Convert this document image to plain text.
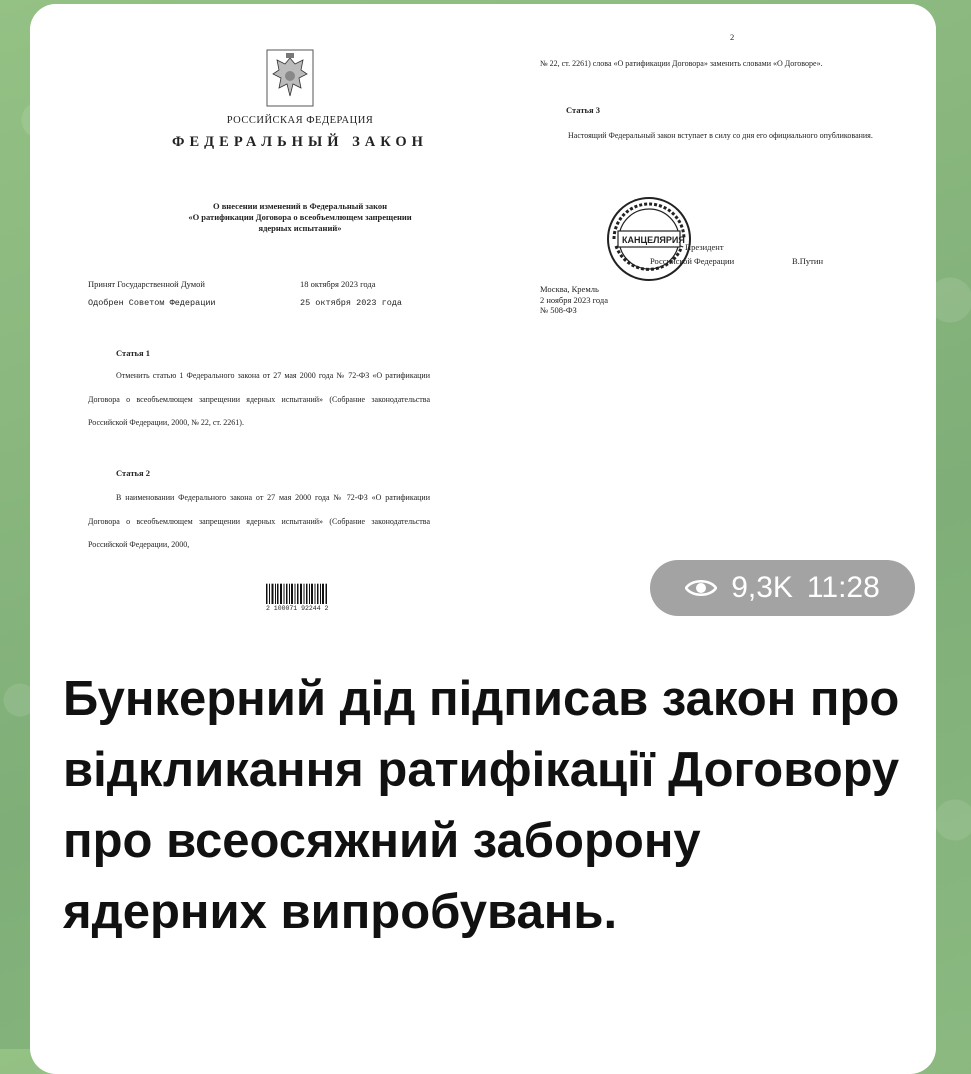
РОССИЙСКАЯ ФЕДЕРАЦИЯ
ФЕДЕРАЛЬНЫЙ ЗАКОН
О внесении изменений в Федеральный закон
«О ратификации Договора о всеобъемлющем запрещении
ядерных испытаний»
Принят Государственной Думой	18 октября 2023 года
Одобрен Советом Федерации	25 октября 2023 года
Статья 1
Отменить статью 1 Федерального закона от 27 мая 2000 года № 72-ФЗ «О ратификации Договора о всеобъемлющем запрещении ядерных испытаний» (Собрание законодательства Российской Федерации, 2000, № 22, ст. 2261).
Статья 2
В наименовании Федерального закона от 27 мая 2000 года № 72-ФЗ «О ратификации Договора о всеобъемлющем запрещении ядерных испытаний» (Собрание законодательства Российской Федерации, 2000,
2 100071 92244 2
2
№ 22, ст. 2261) слова «О ратификации Договора» заменить словами «О Договоре».
Статья 3
Настоящий Федеральный закон вступает в силу со дня его официального опубликования.
КАНЦЕЛЯРИЯ
Президент
Российской Федерации	В.Путин
Москва, Кремль
2 ноября 2023 года
№ 508-ФЗ
9,3K 11:28
Бункерний дід підписав закон про відкликання ратифікації Договору про всеосяжний заборону ядерних випробувань.
